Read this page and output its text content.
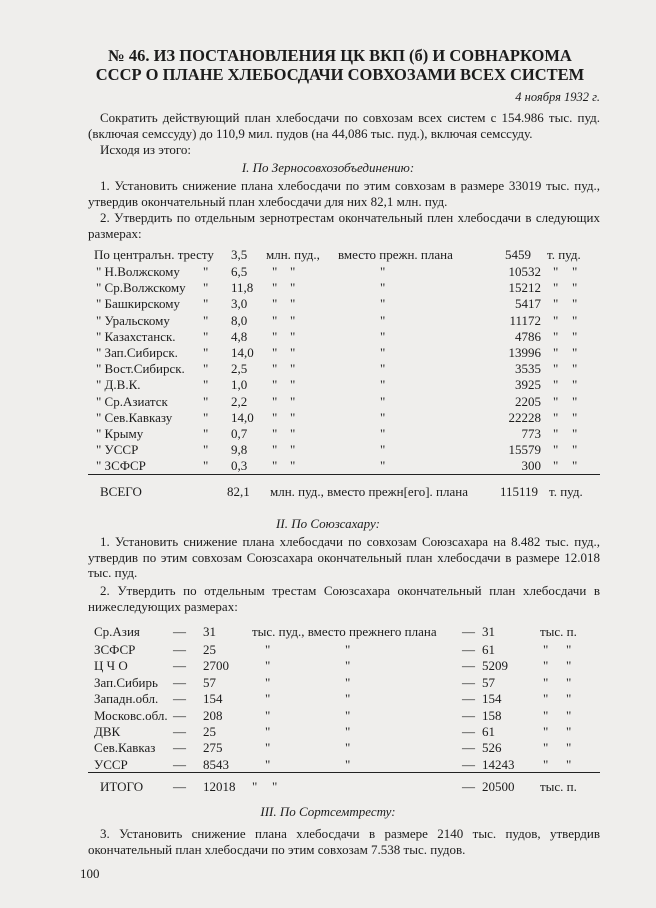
№ 46. ИЗ ПОСТАНОВЛЕНИЯ ЦК ВКП (б) И СОВНАРКОМА
СССР О ПЛАНЕ ХЛЕБОСДАЧИ СОВХОЗАМИ ВСЕХ СИСТЕМ
4 ноября 1932 г.
Сократить действующий план хлебосдачи по совхозам всех систем с 154.986 тыс. пуд. (включая семссуду) до 110,9 мил. пудов (на 44,086 тыс. пуд.), включая семссуду.
Исходя из этого:
I. По Зерносовхозобъединению:
1. Установить снижение плана хлебосдачи по этим совхозам в размере 33019 тыс. пуд., утвердив окончательный план хлебосдачи для них 82,1 млн. пуд.
2. Утвердить по отдельным зернотрестам окончательный плен хлебосдачи в следующих размерах:
По централън. тресту 3,5 млн. пуд., вместо прежн. плана	5459 т. пуд.
" Н.Волжскому " 6,5 " "	"	10532 " "
" Ср.Волжскому " 11,8 " "	"	15212 " "
" Башкирскому " 3,0 " "	"	5417 " "
" Уральскому	" 8,0 " "	"	11172 " "
" Казахстанск. " 4,8 " "	"	4786 " "
" Зап.Сибирск. " 14,0 " "	"	13996 " "
" Вост.Сибирск. " 2,5 " "	"	3535 " "
" Д.В.К.	" 1,0 " "	"	3925 " "
" Ср.Азиатск	" 2,2 " "	"	2205 " "
" Сев.Кавказу " 14,0 " "	"	22228 " "
" Крыму	" 0,7 " "	"	773 " "
" УССР	" 9,8 " "	"	15579 " "
" ЗСФСР	" 0,3 " "	"	300 " "
ВСЕГО	82,1 млн. пуд., вместо прежн[его]. плана 115119 т. пуд.
II. По Союзсахару:
1. Установить снижение плана хлебосдачи по совхозам Союзсахара на 8.482 тыс. пуд., утвердив по этим совхозам Союзсахара окончательный план хлебосдачи в размере 12.018 тыс. пуд.
2. Утвердить по отдельным трестам Союзсахара окончательный план хлебосдачи в нижеследующих размерах:
Ср.Азия	— 31	тыс. пуд., вместо прежнего плана — 31	тыс. п.
ЗСФСР	— 25	"	"	— 61	" "
Ц Ч О	— 2700	"	"	— 5209	" "
Зап.Сибирь — 57	"	"	— 57	" "
Западн.обл. — 154	"	"	— 154	" "
Московс.обл. — 208	"	"	— 158	" "
ДВК	— 25	"	"	— 61	" "
Сев.Кавказ — 275	"	"	— 526	" "
УССР	— 8543	"	"	— 14243 " "
ИТОГО — 12018 " "	— 20500 тыс. п.
III. По Сортсемтресту:
3. Установить снижение плана хлебосдачи в размере 2140 тыс. пудов, утвердив окончательный план хлебосдачи по этим совхозам 7.538 тыс. пудов.
100
